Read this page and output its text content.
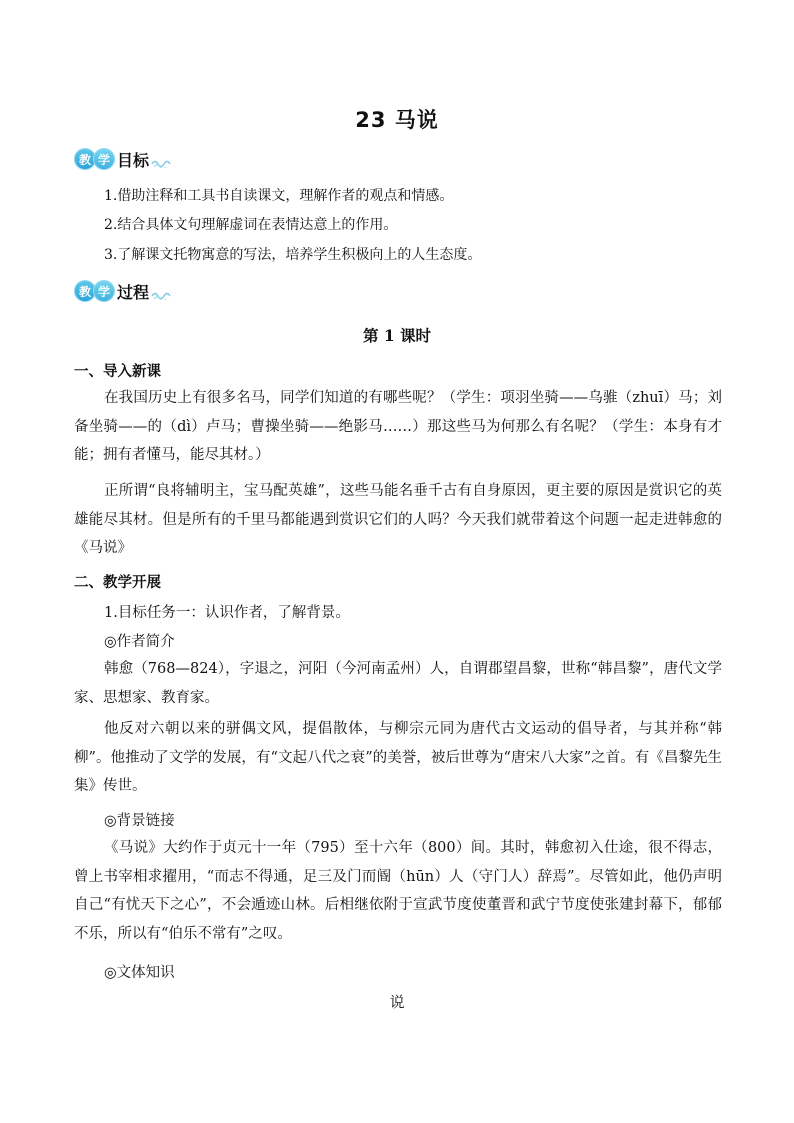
23 马说
教 学 目标
1.借助注释和工具书自读课文，理解作者的观点和情感。
2.结合具体文句理解虚词在表情达意上的作用。
3.了解课文托物寓意的写法，培养学生积极向上的人生态度。
教 学 过程
第 1 课时
一、导入新课
在我国历史上有很多名马，同学们知道的有哪些呢？（学生：项羽坐骑——乌骓（zhuī）马；刘备坐骑——的（dì）卢马；曹操坐骑——绝影马……）那这些马为何那么有名呢？（学生：本身有才能；拥有者懂马，能尽其材。）
正所谓“良将辅明主，宝马配英雄”，这些马能名垂千古有自身原因，更主要的原因是赏识它的英雄能尽其材。但是所有的千里马都能遇到赏识它们的人吗？今天我们就带着这个问题一起走进韩愈的《马说》
二、教学开展
1.目标任务一：认识作者，了解背景。
◎作者简介
韩愈（768—824），字退之，河阳（今河南孟州）人，自谓郡望昌黎，世称“韩昌黎”，唐代文学家、思想家、教育家。
他反对六朝以来的骈偶文风，提倡散体，与柳宗元同为唐代古文运动的倡导者，与其并称“韩柳”。他推动了文学的发展，有“文起八代之衰”的美誉，被后世尊为“唐宋八大家”之首。有《昌黎先生集》传世。
◎背景链接
《马说》大约作于贞元十一年（795）至十六年（800）间。其时，韩愈初入仕途，很不得志，曾上书宰相求擢用，“而志不得通，足三及门而阍（hūn）人（守门人）辞焉”。尽管如此，他仍声明自己“有忧天下之心”，不会遁迹山林。后相继依附于宣武节度使董晋和武宁节度使张建封幕下，郁郁不乐，所以有“伯乐不常有”之叹。
◎文体知识
说
